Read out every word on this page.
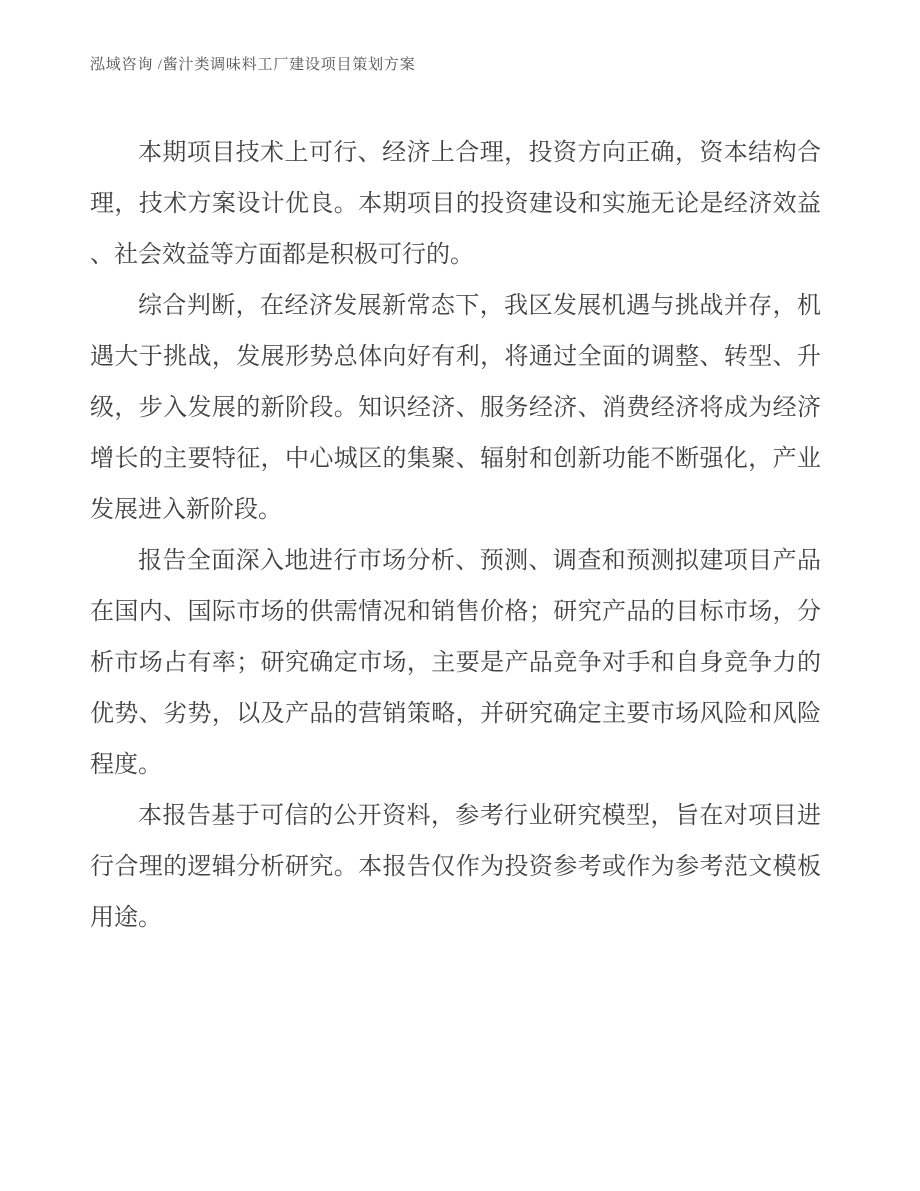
泓域咨询 /酱汁类调味料工厂建设项目策划方案

本期项目技术上可行、经济上合理，投资方向正确，资本结构合理，技术方案设计优良。本期项目的投资建设和实施无论是经济效益、社会效益等方面都是积极可行的。

综合判断，在经济发展新常态下，我区发展机遇与挑战并存，机遇大于挑战，发展形势总体向好有利，将通过全面的调整、转型、升级，步入发展的新阶段。知识经济、服务经济、消费经济将成为经济增长的主要特征，中心城区的集聚、辐射和创新功能不断强化，产业发展进入新阶段。

报告全面深入地进行市场分析、预测、调查和预测拟建项目产品在国内、国际市场的供需情况和销售价格；研究产品的目标市场，分析市场占有率；研究确定市场，主要是产品竞争对手和自身竞争力的优势、劣势，以及产品的营销策略，并研究确定主要市场风险和风险程度。

本报告基于可信的公开资料，参考行业研究模型，旨在对项目进行合理的逻辑分析研究。本报告仅作为投资参考或作为参考范文模板用途。
